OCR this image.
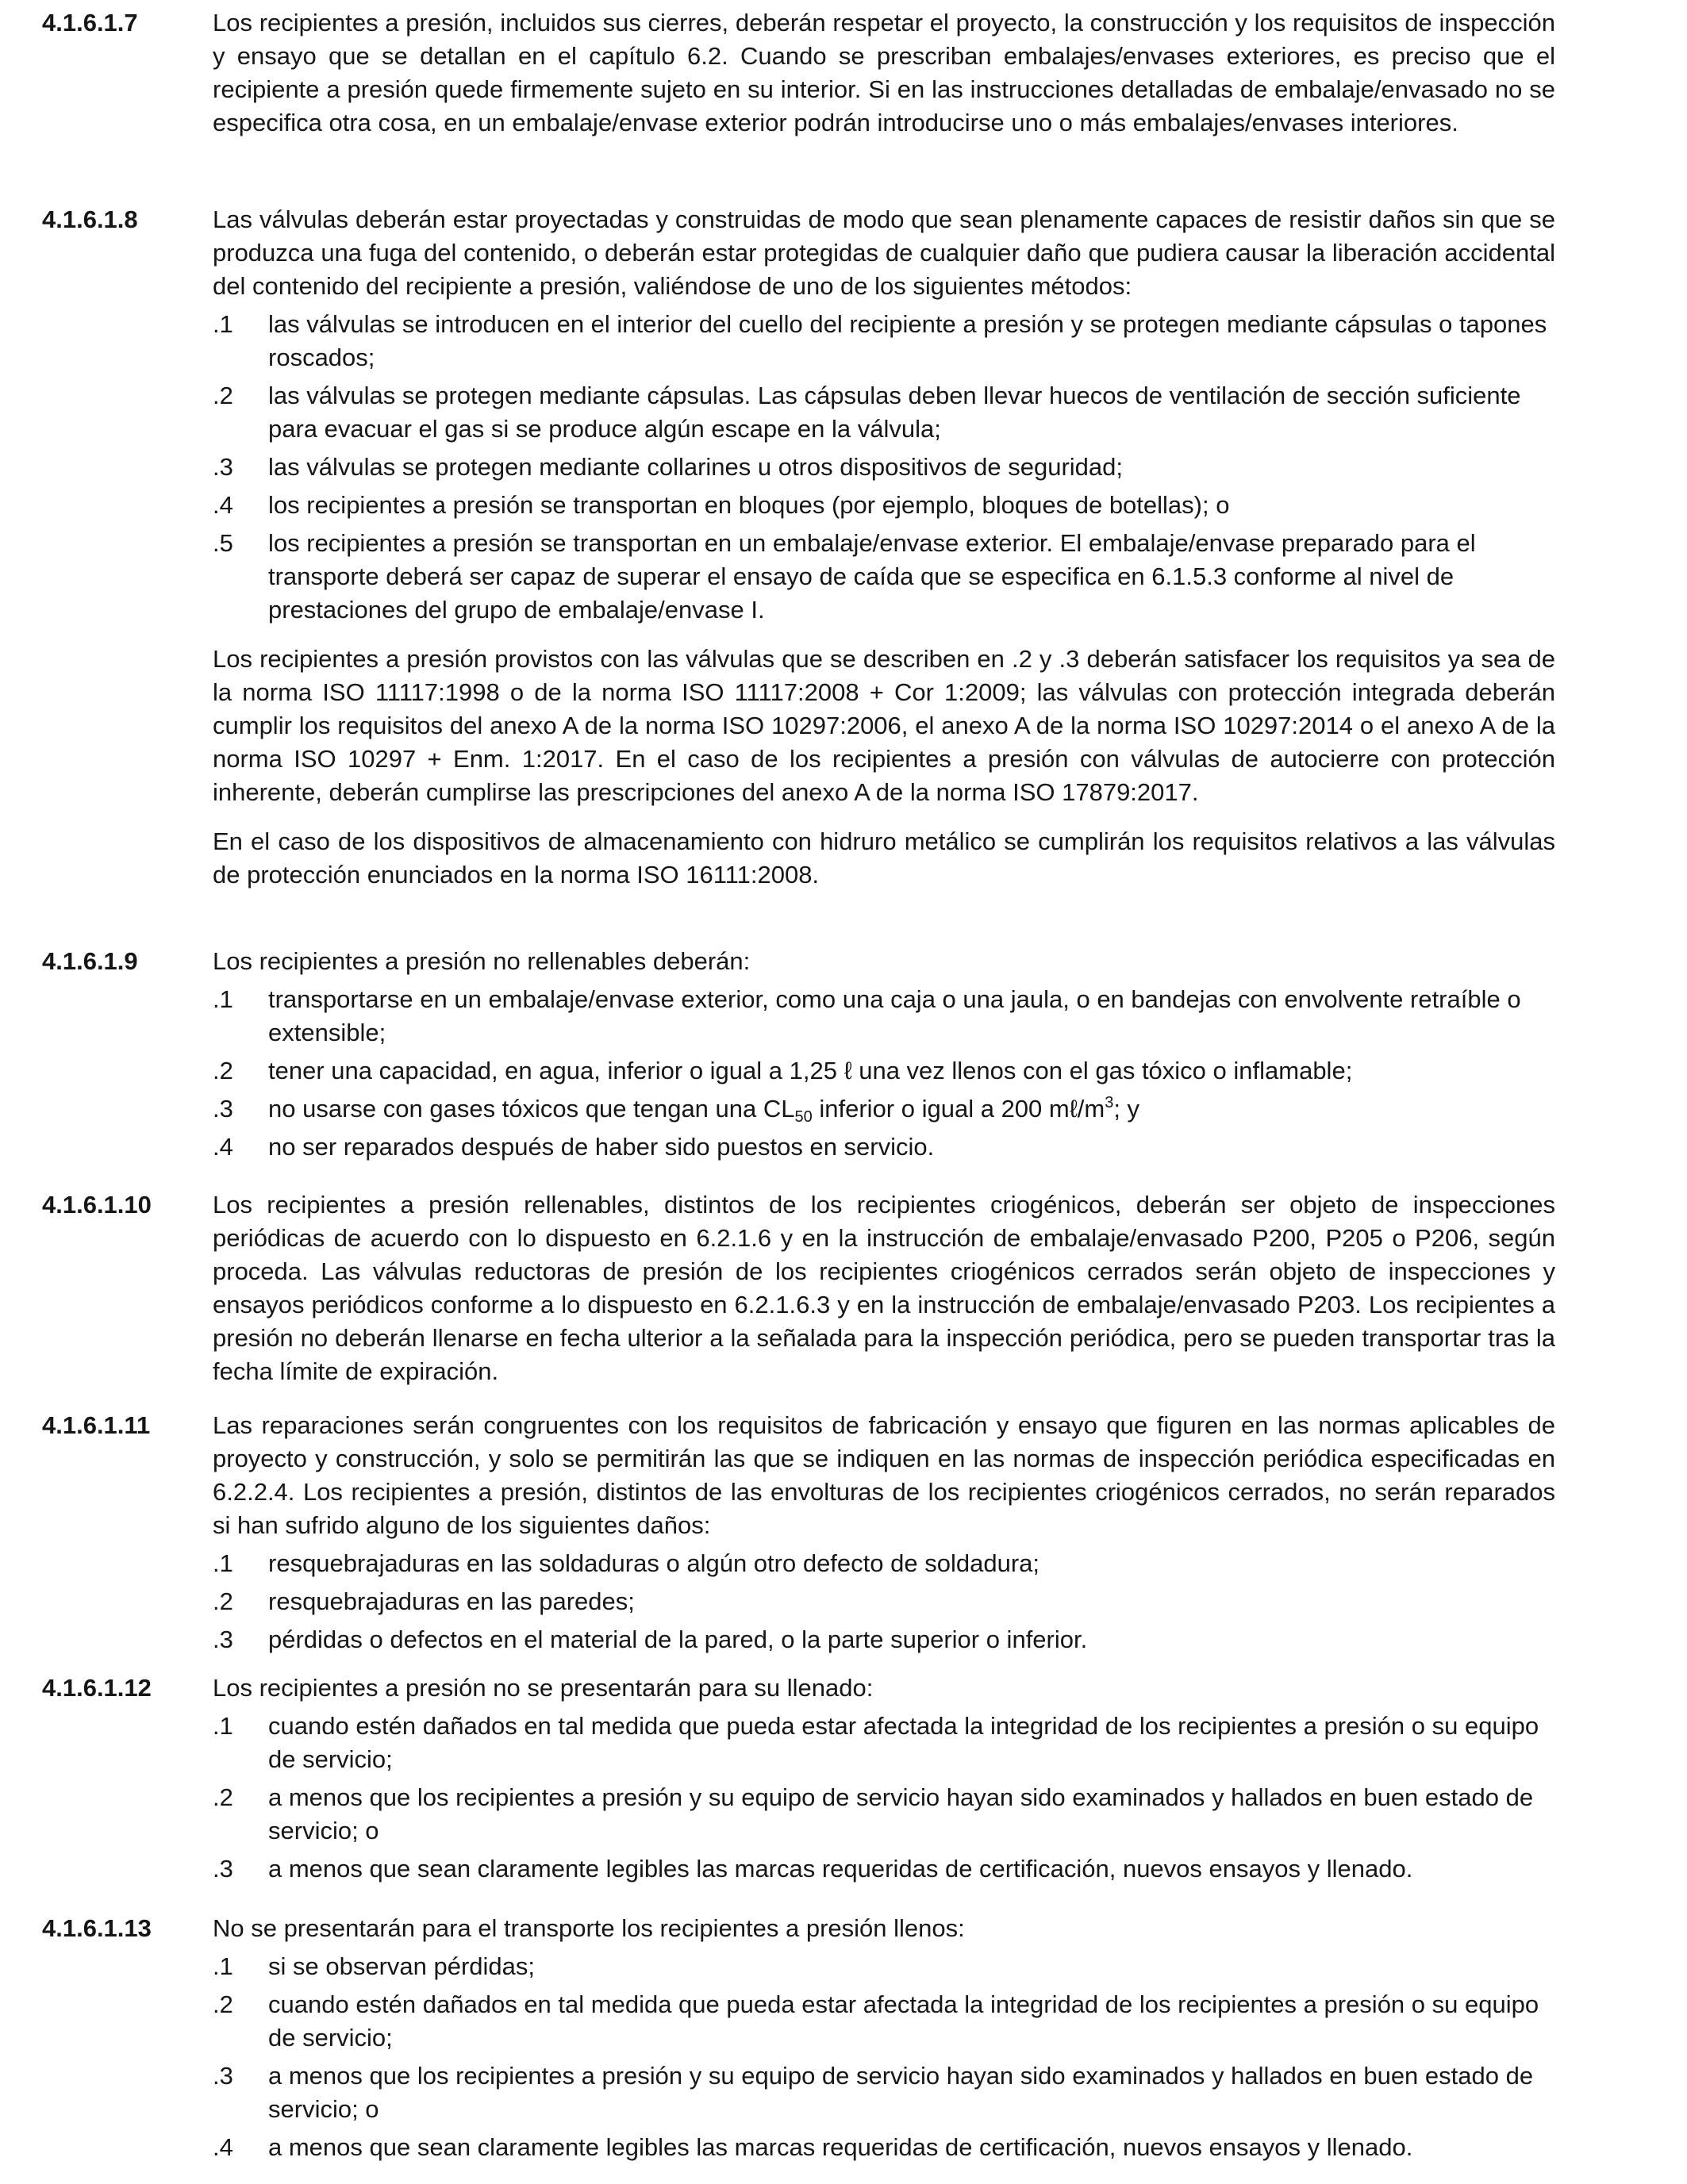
4.1.6.1.7	Los recipientes a presión, incluidos sus cierres, deberán respetar el proyecto, la construcción y los requisitos de inspección y ensayo que se detallan en el capítulo 6.2. Cuando se prescriban embalajes/envases exteriores, es preciso que el recipiente a presión quede firmemente sujeto en su interior. Si en las instrucciones detalladas de embalaje/envasado no se especifica otra cosa, en un embalaje/envase exterior podrán introducirse uno o más embalajes/envases interiores.

4.1.6.1.8	Las válvulas deberán estar proyectadas y construidas de modo que sean plenamente capaces de resistir daños sin que se produzca una fuga del contenido, o deberán estar protegidas de cualquier daño que pudiera causar la liberación accidental del contenido del recipiente a presión, valiéndose de uno de los siguientes métodos:

.1 las válvulas se introducen en el interior del cuello del recipiente a presión y se protegen mediante cápsulas o tapones roscados;
.2 las válvulas se protegen mediante cápsulas. Las cápsulas deben llevar huecos de ventilación de sección suficiente para evacuar el gas si se produce algún escape en la válvula;
.3 las válvulas se protegen mediante collarines u otros dispositivos de seguridad;
.4 los recipientes a presión se transportan en bloques (por ejemplo, bloques de botellas); o
.5 los recipientes a presión se transportan en un embalaje/envase exterior. El embalaje/envase preparado para el transporte deberá ser capaz de superar el ensayo de caída que se especifica en 6.1.5.3 conforme al nivel de prestaciones del grupo de embalaje/envase I.

Los recipientes a presión provistos con las válvulas que se describen en .2 y .3 deberán satisfacer los requisitos ya sea de la norma ISO 11117:1998 o de la norma ISO 11117:2008 + Cor 1:2009; las válvulas con protección integrada deberán cumplir los requisitos del anexo A de la norma ISO 10297:2006, el anexo A de la norma ISO 10297:2014 o el anexo A de la norma ISO 10297 + Enm. 1:2017. En el caso de los recipientes a presión con válvulas de autocierre con protección inherente, deberán cumplirse las prescripciones del anexo A de la norma ISO 17879:2017.

En el caso de los dispositivos de almacenamiento con hidruro metálico se cumplirán los requisitos relativos a las válvulas de protección enunciados en la norma ISO 16111:2008.

4.1.6.1.9	Los recipientes a presión no rellenables deberán:

.1 transportarse en un embalaje/envase exterior, como una caja o una jaula, o en bandejas con envolvente retraíble o extensible;
.2 tener una capacidad, en agua, inferior o igual a 1,25 ℓ una vez llenos con el gas tóxico o inflamable;
.3 no usarse con gases tóxicos que tengan una $CL_{50}$ inferior o igual a 200 $m\ell/m^3$; y
.4 no ser reparados después de haber sido puestos en servicio.
4.1.6.1.10 Los recipientes a presión rellenables, distintos de los recipientes criogénicos, deberán ser objeto de inspecciones periódicas de acuerdo con lo dispuesto en 6.2.1.6 y en la instrucción de embalaje/envasado P200, P205 o P206, según proceda. Las válvulas reductoras de presión de los recipientes criogénicos cerrados serán objeto de inspecciones y ensayos periódicos conforme a lo dispuesto en 6.2.1.6.3 y en la instrucción de embalaje/envasado P203. Los recipientes a presión no deberán llenarse en fecha ulterior a la señalada para la inspección periódica, pero se pueden transportar tras la fecha límite de expiración.

4.1.6.1.11	Las reparaciones serán congruentes con los requisitos de fabricación y ensayo que figuren en las normas aplicables de proyecto y construcción, y solo se permitirán las que se indiquen en las normas de inspección periódica especificadas en 6.2.2.4. Los recipientes a presión, distintos de las envolturas de los recipientes criogénicos cerrados, no serán reparados si han sufrido alguno de los siguientes daños:

.1 resquebrajaduras en las soldaduras o algún otro defecto de soldadura;
.2 resquebrajaduras en las paredes;
.3 pérdidas o defectos en el material de la pared, o la parte superior o inferior.
4.1.6.1.12 Los recipientes a presión no se presentarán para su llenado:

.1 cuando estén dañados en tal medida que pueda estar afectada la integridad de los recipientes a presión o su equipo de servicio;
.2 a menos que los recipientes a presión y su equipo de servicio hayan sido examinados y hallados en buen estado de servicio; o
.3 a menos que sean claramente legibles las marcas requeridas de certificación, nuevos ensayos y llenado.
4.1.6.1.13 No se presentarán para el transporte los recipientes a presión llenos:

.1 si se observan pérdidas;
.2 cuando estén dañados en tal medida que pueda estar afectada la integridad de los recipientes a presión o su equipo de servicio;
.3 a menos que los recipientes a presión y su equipo de servicio hayan sido examinados y hallados en buen estado de servicio; o
.4 a menos que sean claramente legibles las marcas requeridas de certificación, nuevos ensayos y llenado.
